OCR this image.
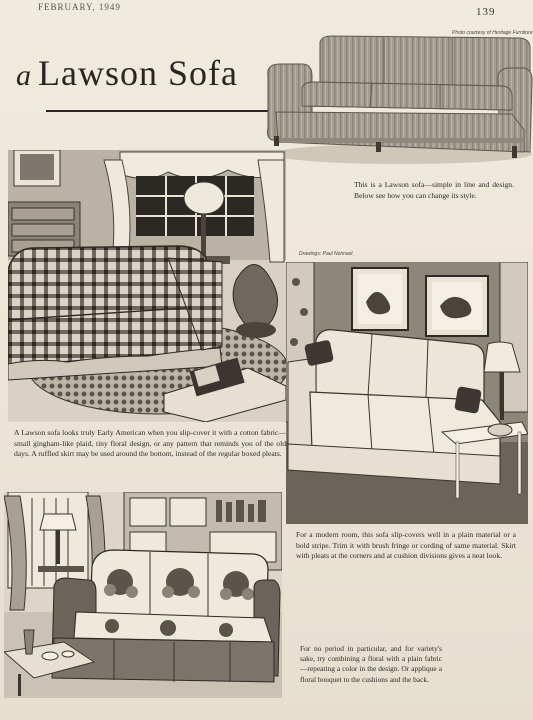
FEBRUARY, 1949	139
Photo courtesy of Heritage Furniture
a Lawson Sofa
This is a Lawson sofa—simple in line and design. Below see how you can change its style.
Drawings: Paul Nonnast
For a modern room, this sofa slip-covers well in a plain material or a bold stripe. Trim it with brush fringe or cording of same material. Skirt with pleats at the corners and at cushion divisions gives a neat look.
A Lawson sofa looks truly Early American when you slip-cover it with a cotton fabric—small gingham-like plaid, tiny floral design, or any pattern that reminds you of the old days. A ruffled skirt may be used around the bottom, instead of the regular boxed pleats.
For no period in particular, and for variety's sake, try combining a floral with a plain fabric—repeating a color in the design. Or applique a floral bouquet to the cushions and the back.
